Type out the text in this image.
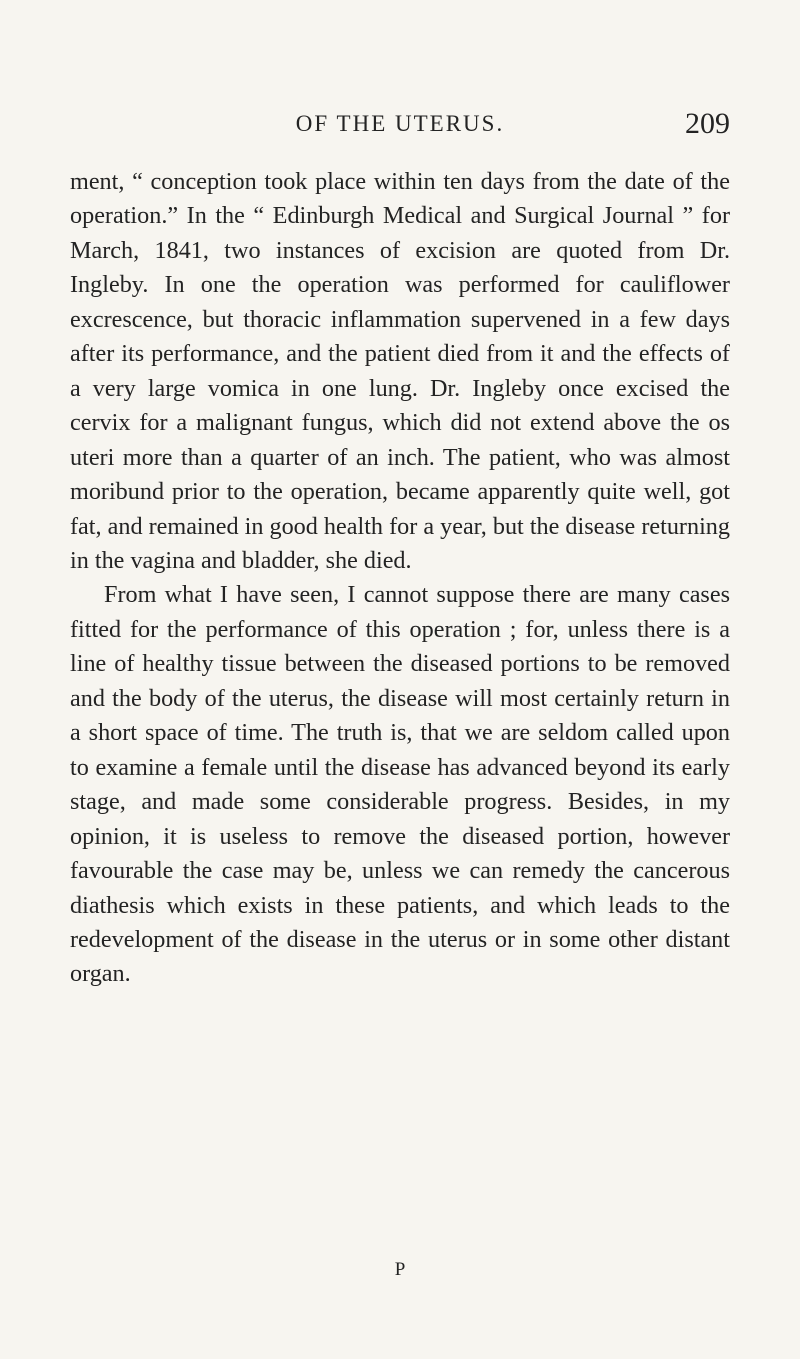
OF THE UTERUS.	209

ment, “ conception took place within ten days from the date of the operation.” In the “ Edinburgh Medical and Surgical Journal ” for March, 1841, two instances of excision are quoted from Dr. Ingleby. In one the operation was performed for cauliflower excrescence, but thoracic inflammation supervened in a few days after its performance, and the patient died from it and the effects of a very large vomica in one lung. Dr. Ingleby once excised the cervix for a malignant fungus, which did not extend above the os uteri more than a quarter of an inch. The patient, who was almost moribund prior to the operation, became apparently quite well, got fat, and remained in good health for a year, but the disease returning in the vagina and bladder, she died.

From what I have seen, I cannot suppose there are many cases fitted for the performance of this operation ; for, unless there is a line of healthy tissue between the diseased portions to be removed and the body of the uterus, the disease will most certainly return in a short space of time. The truth is, that we are seldom called upon to examine a female until the disease has advanced beyond its early stage, and made some considerable progress. Besides, in my opinion, it is useless to remove the diseased portion, however favourable the case may be, unless we can remedy the cancerous diathesis which exists in these patients, and which leads to the redevelopment of the disease in the uterus or in some other distant organ.

P
